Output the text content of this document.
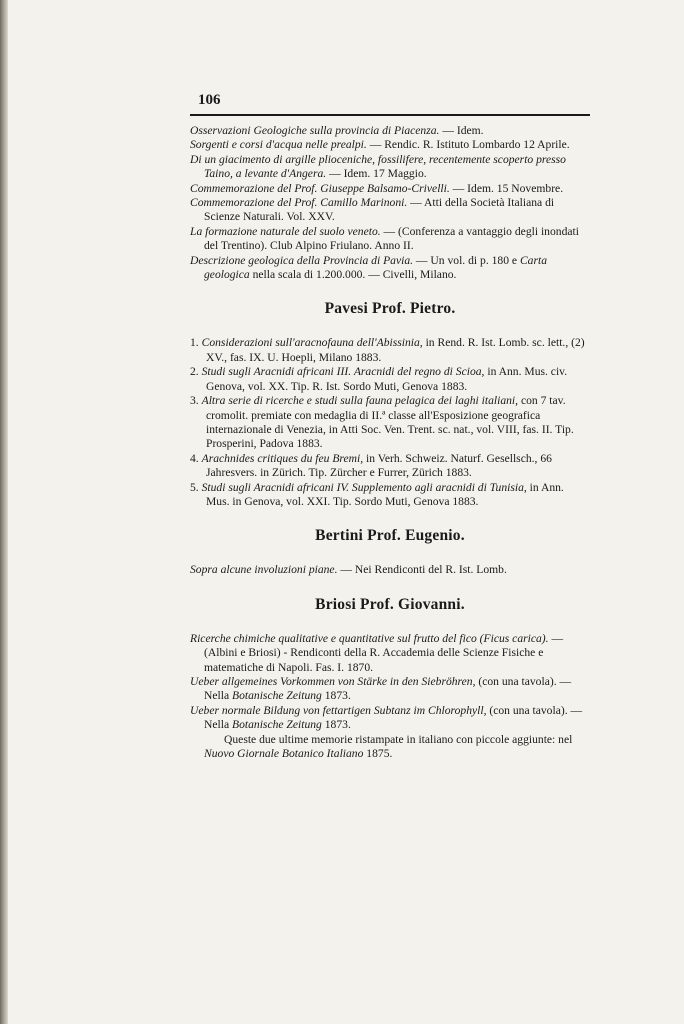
106

Osservazioni Geologiche sulla provincia di Piacenza. — Idem.

Sorgenti e corsi d'acqua nelle prealpi. — Rendic. R. Istituto Lombardo 12 Aprile.

Di un giacimento di argille plioceniche, fossilifere, recentemente scoperto presso Taino, a levante d'Angera. — Idem. 17 Maggio.

Commemorazione del Prof. Giuseppe Balsamo-Crivelli. — Idem. 15 Novembre.

Commemorazione del Prof. Camillo Marinoni. — Atti della Società Italiana di Scienze Naturali. Vol. XXV.

La formazione naturale del suolo veneto. — (Conferenza a vantaggio degli inondati del Trentino). Club Alpino Friulano. Anno II.

Descrizione geologica della Provincia di Pavia. — Un vol. di p. 180 e Carta geologica nella scala di 1.200.000. — Civelli, Milano.

Pavesi Prof. Pietro.

1. Considerazioni sull'aracnofauna dell'Abissinia, in Rend. R. Ist. Lomb. sc. lett., (2) XV., fas. IX. U. Hoepli, Milano 1883.

2. Studi sugli Aracnidi africani III. Aracnidi del regno di Scioa, in Ann. Mus. civ. Genova, vol. XX. Tip. R. Ist. Sordo Muti, Genova 1883.

3. Altra serie di ricerche e studi sulla fauna pelagica dei laghi italiani, con 7 tav. cromolit. premiate con medaglia di II.ª classe all'Esposizione geografica internazionale di Venezia, in Atti Soc. Ven. Trent. sc. nat., vol. VIII, fas. II. Tip. Prosperini, Padova 1883.

4. Arachnides critiques du feu Bremi, in Verh. Schweiz. Naturf. Gesellsch., 66 Jahresvers. in Zürich. Tip. Zürcher e Furrer, Zürich 1883.

5. Studi sugli Aracnidi africani IV. Supplemento agli aracnidi di Tunisia, in Ann. Mus. in Genova, vol. XXI. Tip. Sordo Muti, Genova 1883.

Bertini Prof. Eugenio.

Sopra alcune involuzioni piane. — Nei Rendiconti del R. Ist. Lomb.

Briosi Prof. Giovanni.

Ricerche chimiche qualitative e quantitative sul frutto del fico (Ficus carica). — (Albini e Briosi) - Rendiconti della R. Accademia delle Scienze Fisiche e matematiche di Napoli. Fas. I. 1870.

Ueber allgemeines Vorkommen von Stärke in den Siebröhren, (con una tavola). — Nella Botanische Zeitung 1873.

Ueber normale Bildung von fettartigen Subtanz im Chlorophyll, (con una tavola). — Nella Botanische Zeitung 1873.

Queste due ultime memorie ristampate in italiano con piccole aggiunte: nel Nuovo Giornale Botanico Italiano 1875.
